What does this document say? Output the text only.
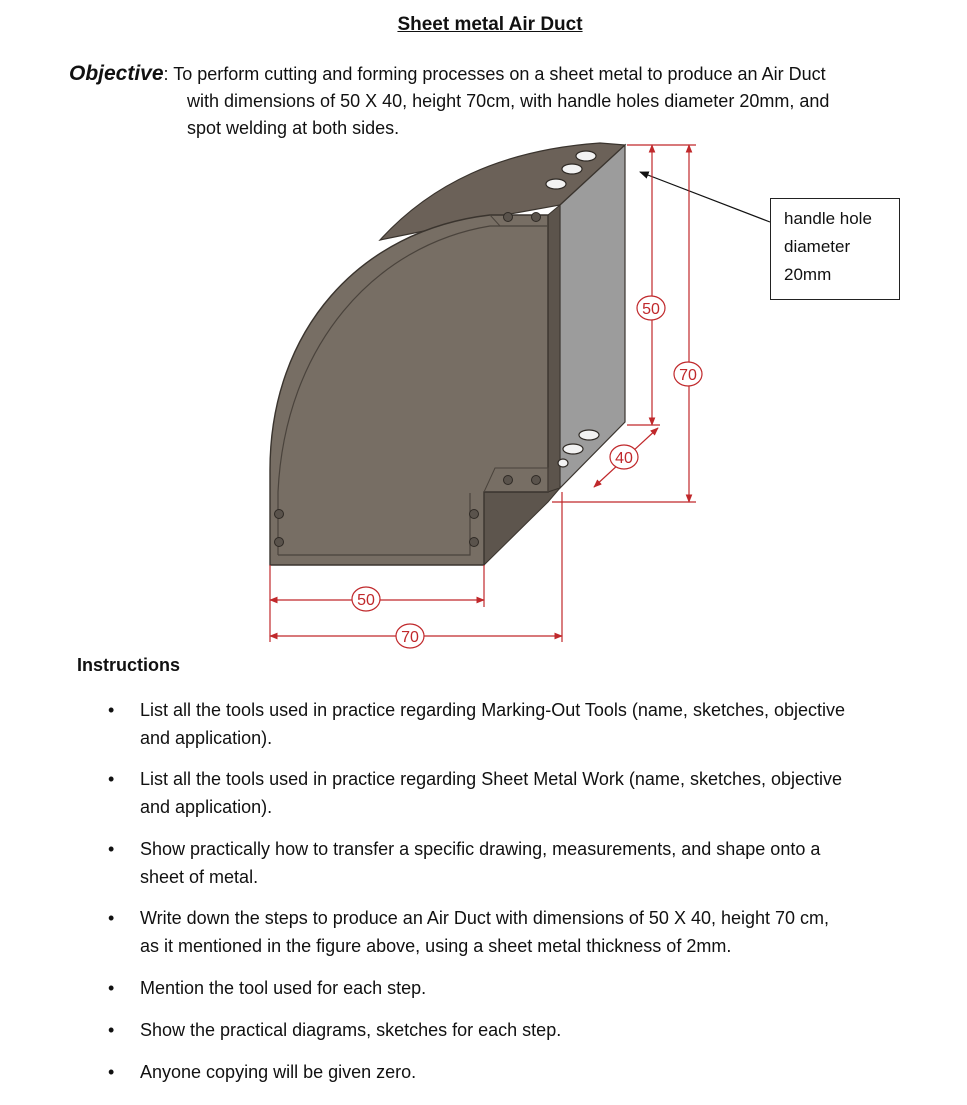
Sheet metal Air Duct
Objective: To perform cutting and forming processes on a sheet metal to produce an Air Duct
with dimensions of 50 X 40, height 70cm, with handle holes diameter 20mm, and
spot welding at both sides.
50
70
50
70
40
handle hole
diameter
20mm
Instructions
• List all the tools used in practice regarding Marking-Out Tools (name, sketches, objective
and application).
• List all the tools used in practice regarding Sheet Metal Work (name, sketches, objective
and application).
• Show practically how to transfer a specific drawing, measurements, and shape onto a
sheet of metal.
• Write down the steps to produce an Air Duct with dimensions of 50 X 40, height 70 cm,
as it mentioned in the figure above, using a sheet metal thickness of 2mm.
• Mention the tool used for each step.
• Show the practical diagrams, sketches for each step.
• Anyone copying will be given zero.
